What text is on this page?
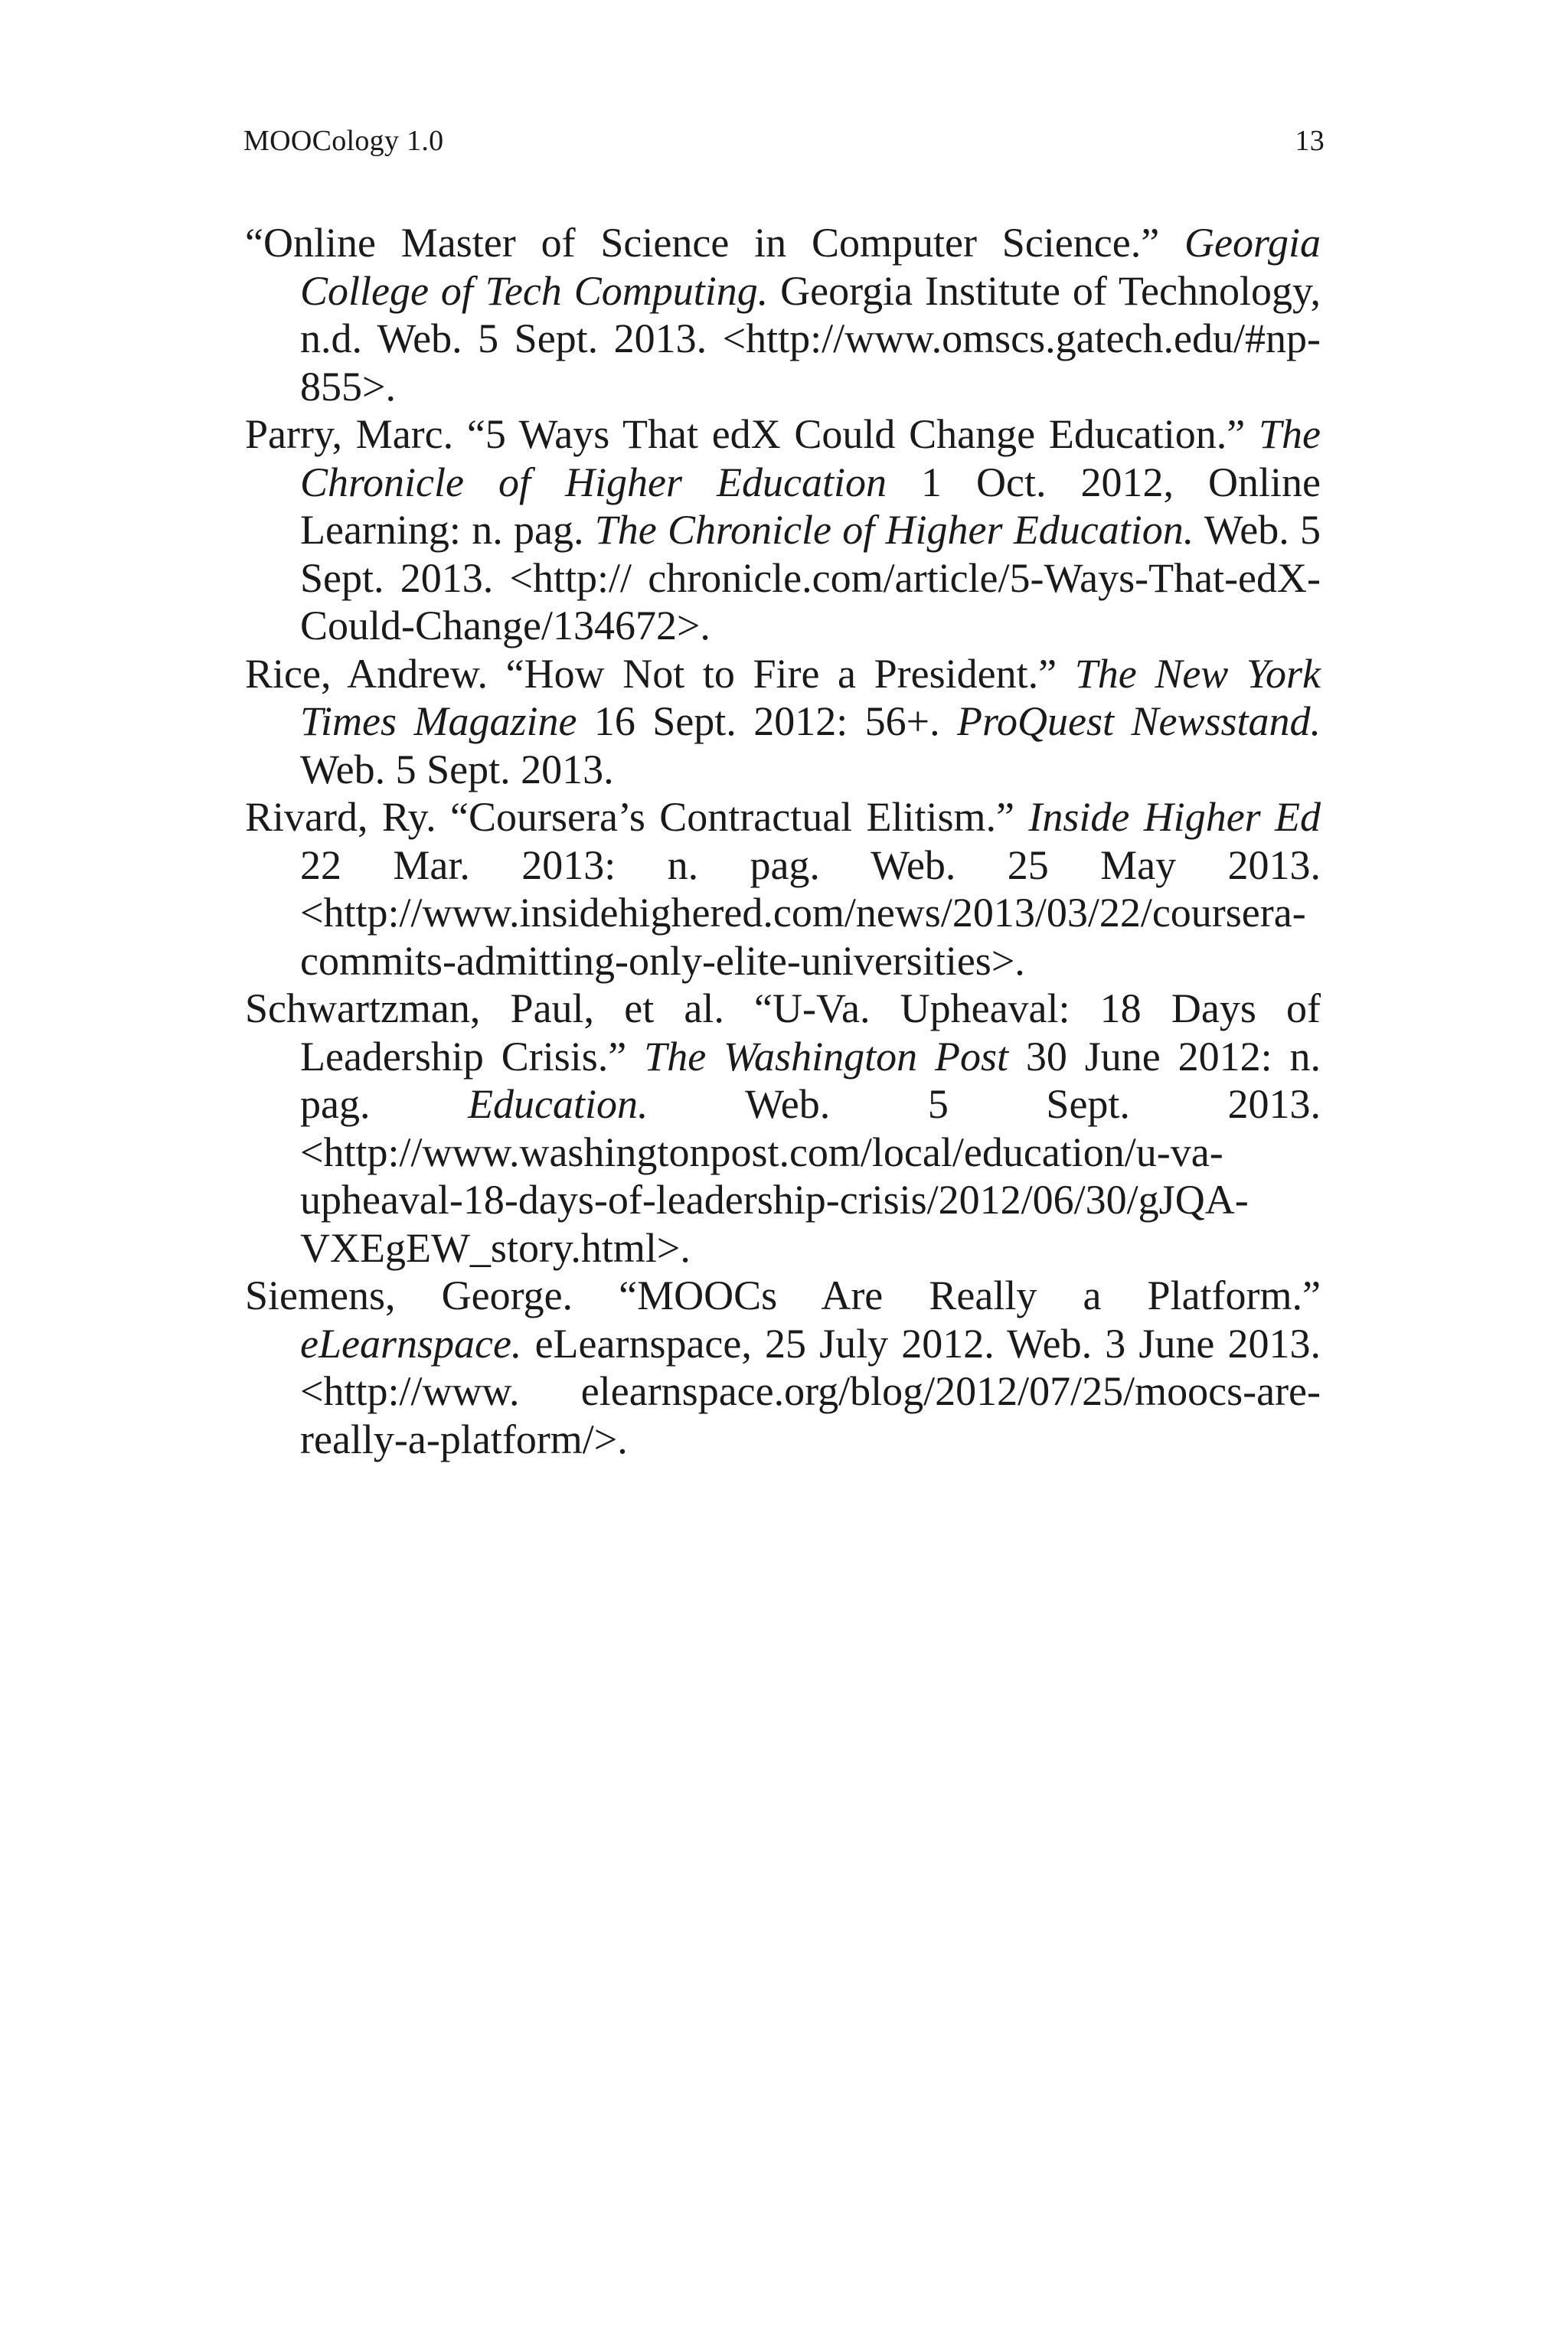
MOOCology 1.0	13

“Online Master of Science in Computer Science.” Georgia College of Tech Computing. Georgia Institute of Technology, n.d. Web. 5 Sept. 2013. <http://www.omscs.gatech.edu/#np-855>.

Parry, Marc. “5 Ways That edX Could Change Education.” The Chronicle of Higher Education 1 Oct. 2012, Online Learning: n. pag. The Chronicle of Higher Education. Web. 5 Sept. 2013. <http:// chronicle.com/article/5-Ways-That-edX-Could-Change/134672>.

Rice, Andrew. “How Not to Fire a President.” The New York Times Magazine 16 Sept. 2012: 56+. ProQuest Newsstand. Web. 5 Sept. 2013.

Rivard, Ry. “Coursera’s Contractual Elitism.” Inside Higher Ed 22 Mar. 2013: n. pag. Web. 25 May 2013. <http://www.insidehighered.com/news/2013/03/22/coursera-commits-admitting-only-elite-universities>.

Schwartzman, Paul, et al. “U-Va. Upheaval: 18 Days of Leadership Crisis.” The Washington Post 30 June 2012: n. pag. Education. Web. 5 Sept. 2013. <http://www.washingtonpost.com/local/education/u-va-upheaval-18-days-of-leadership-crisis/2012/06/30/gJQAVXEgEW_story.html>.

Siemens, George. “MOOCs Are Really a Platform.” eLearnspace. eLearnspace, 25 July 2012. Web. 3 June 2013. <http://www. elearnspace.org/blog/2012/07/25/moocs-are-really-a-platform/>.
